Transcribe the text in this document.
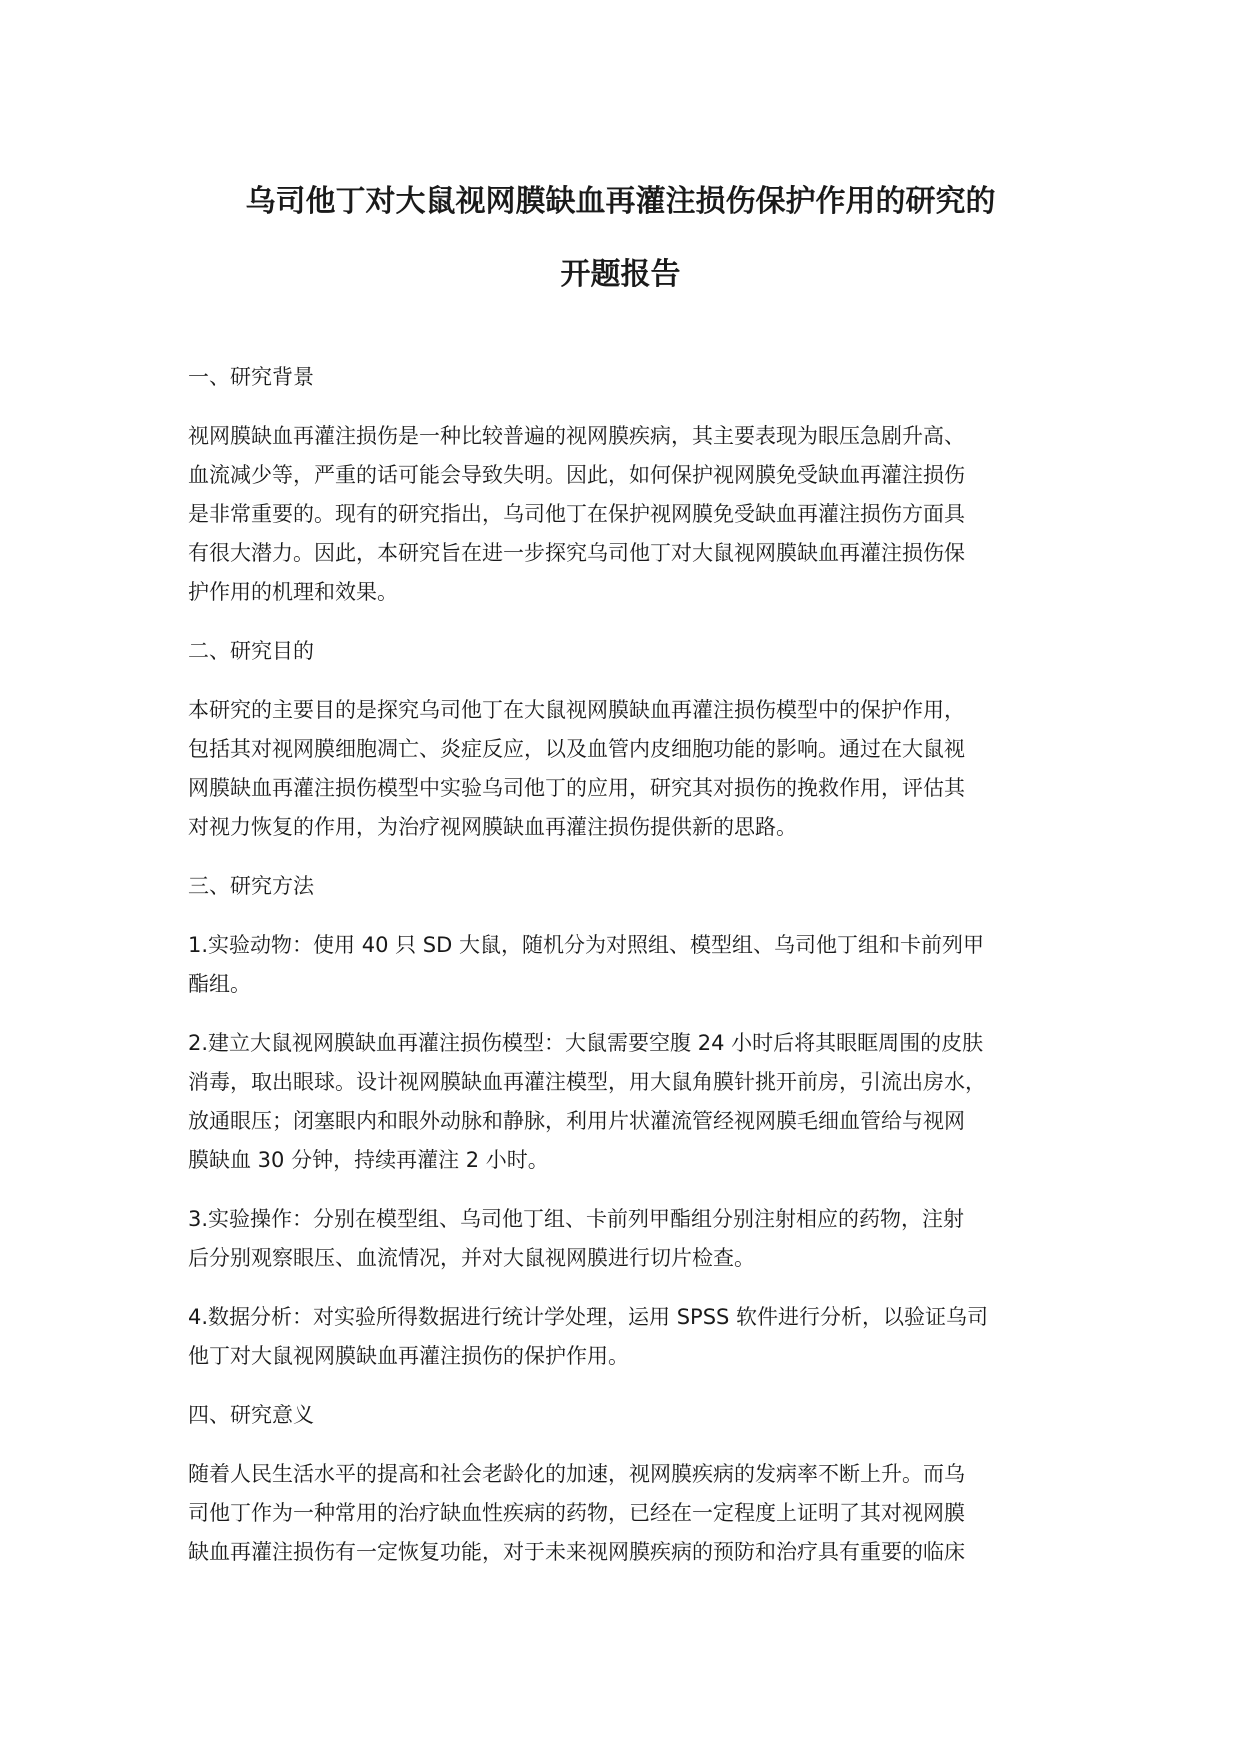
乌司他丁对大鼠视网膜缺血再灌注损伤保护作用的研究的
开题报告

一、研究背景

视网膜缺血再灌注损伤是一种比较普遍的视网膜疾病，其主要表现为眼压急剧升高、
血流减少等，严重的话可能会导致失明。因此，如何保护视网膜免受缺血再灌注损伤
是非常重要的。现有的研究指出，乌司他丁在保护视网膜免受缺血再灌注损伤方面具
有很大潜力。因此，本研究旨在进一步探究乌司他丁对大鼠视网膜缺血再灌注损伤保
护作用的机理和效果。

二、研究目的

本研究的主要目的是探究乌司他丁在大鼠视网膜缺血再灌注损伤模型中的保护作用，
包括其对视网膜细胞凋亡、炎症反应，以及血管内皮细胞功能的影响。通过在大鼠视
网膜缺血再灌注损伤模型中实验乌司他丁的应用，研究其对损伤的挽救作用，评估其
对视力恢复的作用，为治疗视网膜缺血再灌注损伤提供新的思路。

三、研究方法

1.实验动物：使用 40 只 SD 大鼠，随机分为对照组、模型组、乌司他丁组和卡前列甲
酯组。
2.建立大鼠视网膜缺血再灌注损伤模型：大鼠需要空腹 24 小时后将其眼眶周围的皮肤
消毒，取出眼球。设计视网膜缺血再灌注模型，用大鼠角膜针挑开前房，引流出房水，
放通眼压；闭塞眼内和眼外动脉和静脉，利用片状灌流管经视网膜毛细血管给与视网
膜缺血 30 分钟，持续再灌注 2 小时。
3.实验操作：分别在模型组、乌司他丁组、卡前列甲酯组分别注射相应的药物，注射
后分别观察眼压、血流情况，并对大鼠视网膜进行切片检查。
4.数据分析：对实验所得数据进行统计学处理，运用 SPSS 软件进行分析，以验证乌司
他丁对大鼠视网膜缺血再灌注损伤的保护作用。

四、研究意义

随着人民生活水平的提高和社会老龄化的加速，视网膜疾病的发病率不断上升。而乌
司他丁作为一种常用的治疗缺血性疾病的药物，已经在一定程度上证明了其对视网膜
缺血再灌注损伤有一定恢复功能，对于未来视网膜疾病的预防和治疗具有重要的临床
